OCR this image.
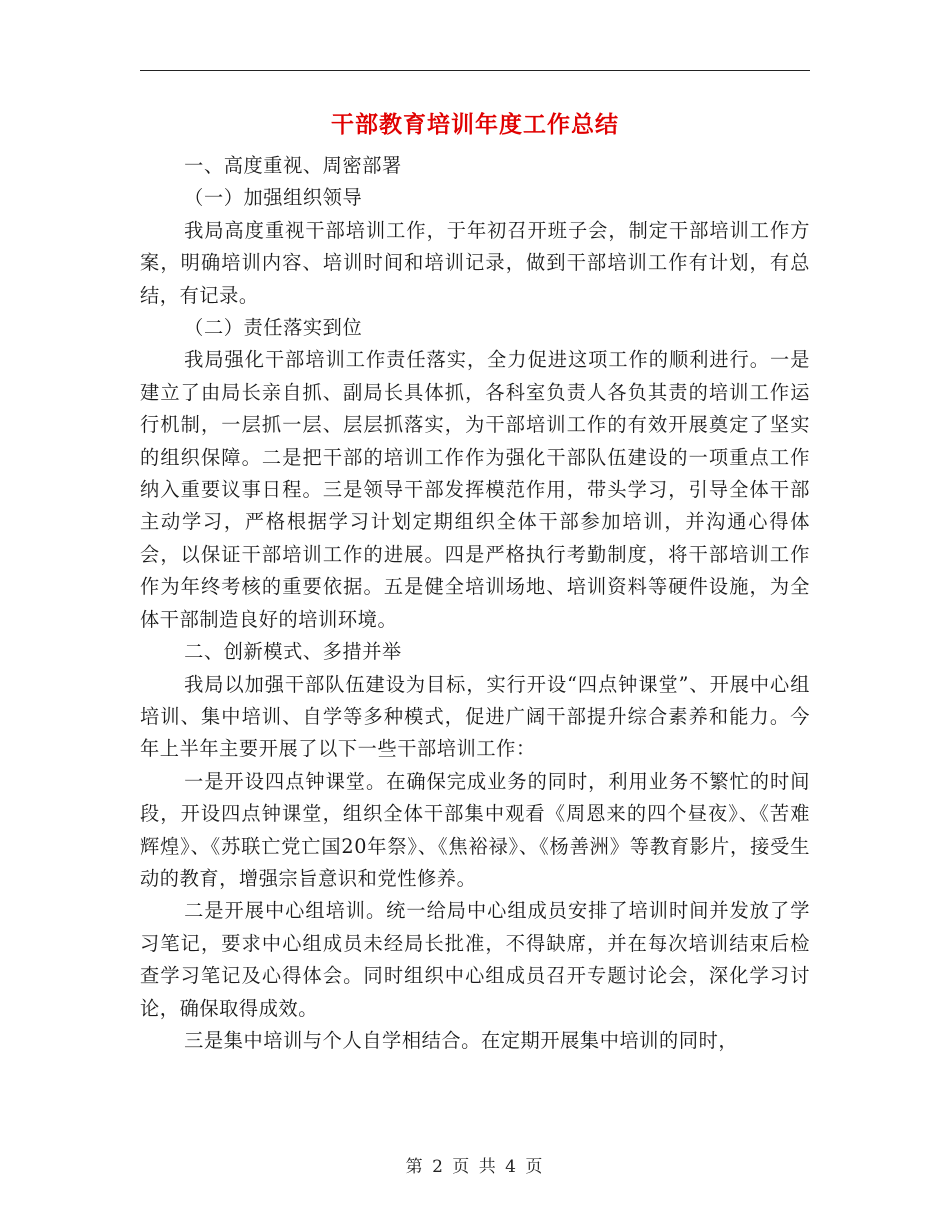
干部教育培训年度工作总结

一、高度重视、周密部署

（一）加强组织领导

我局高度重视干部培训工作，于年初召开班子会，制定干部培训工作方案，明确培训内容、培训时间和培训记录，做到干部培训工作有计划，有总结，有记录。

（二）责任落实到位

我局强化干部培训工作责任落实，全力促进这项工作的顺利进行。一是建立了由局长亲自抓、副局长具体抓，各科室负责人各负其责的培训工作运行机制，一层抓一层、层层抓落实，为干部培训工作的有效开展奠定了坚实的组织保障。二是把干部的培训工作作为强化干部队伍建设的一项重点工作纳入重要议事日程。三是领导干部发挥模范作用，带头学习，引导全体干部主动学习，严格根据学习计划定期组织全体干部参加培训，并沟通心得体会，以保证干部培训工作的进展。四是严格执行考勤制度，将干部培训工作作为年终考核的重要依据。五是健全培训场地、培训资料等硬件设施，为全体干部制造良好的培训环境。

二、创新模式、多措并举

我局以加强干部队伍建设为目标，实行开设“四点钟课堂”、开展中心组培训、集中培训、自学等多种模式，促进广阔干部提升综合素养和能力。今年上半年主要开展了以下一些干部培训工作：

一是开设四点钟课堂。在确保完成业务的同时，利用业务不繁忙的时间段，开设四点钟课堂，组织全体干部集中观看《周恩来的四个昼夜》、《苦难辉煌》、《苏联亡党亡国20年祭》、《焦裕禄》、《杨善洲》等教育影片，接受生动的教育，增强宗旨意识和党性修养。

二是开展中心组培训。统一给局中心组成员安排了培训时间并发放了学习笔记，要求中心组成员未经局长批准，不得缺席，并在每次培训结束后检查学习笔记及心得体会。同时组织中心组成员召开专题讨论会，深化学习讨论，确保取得成效。

三是集中培训与个人自学相结合。在定期开展集中培训的同时，

第 2 页 共 4 页
